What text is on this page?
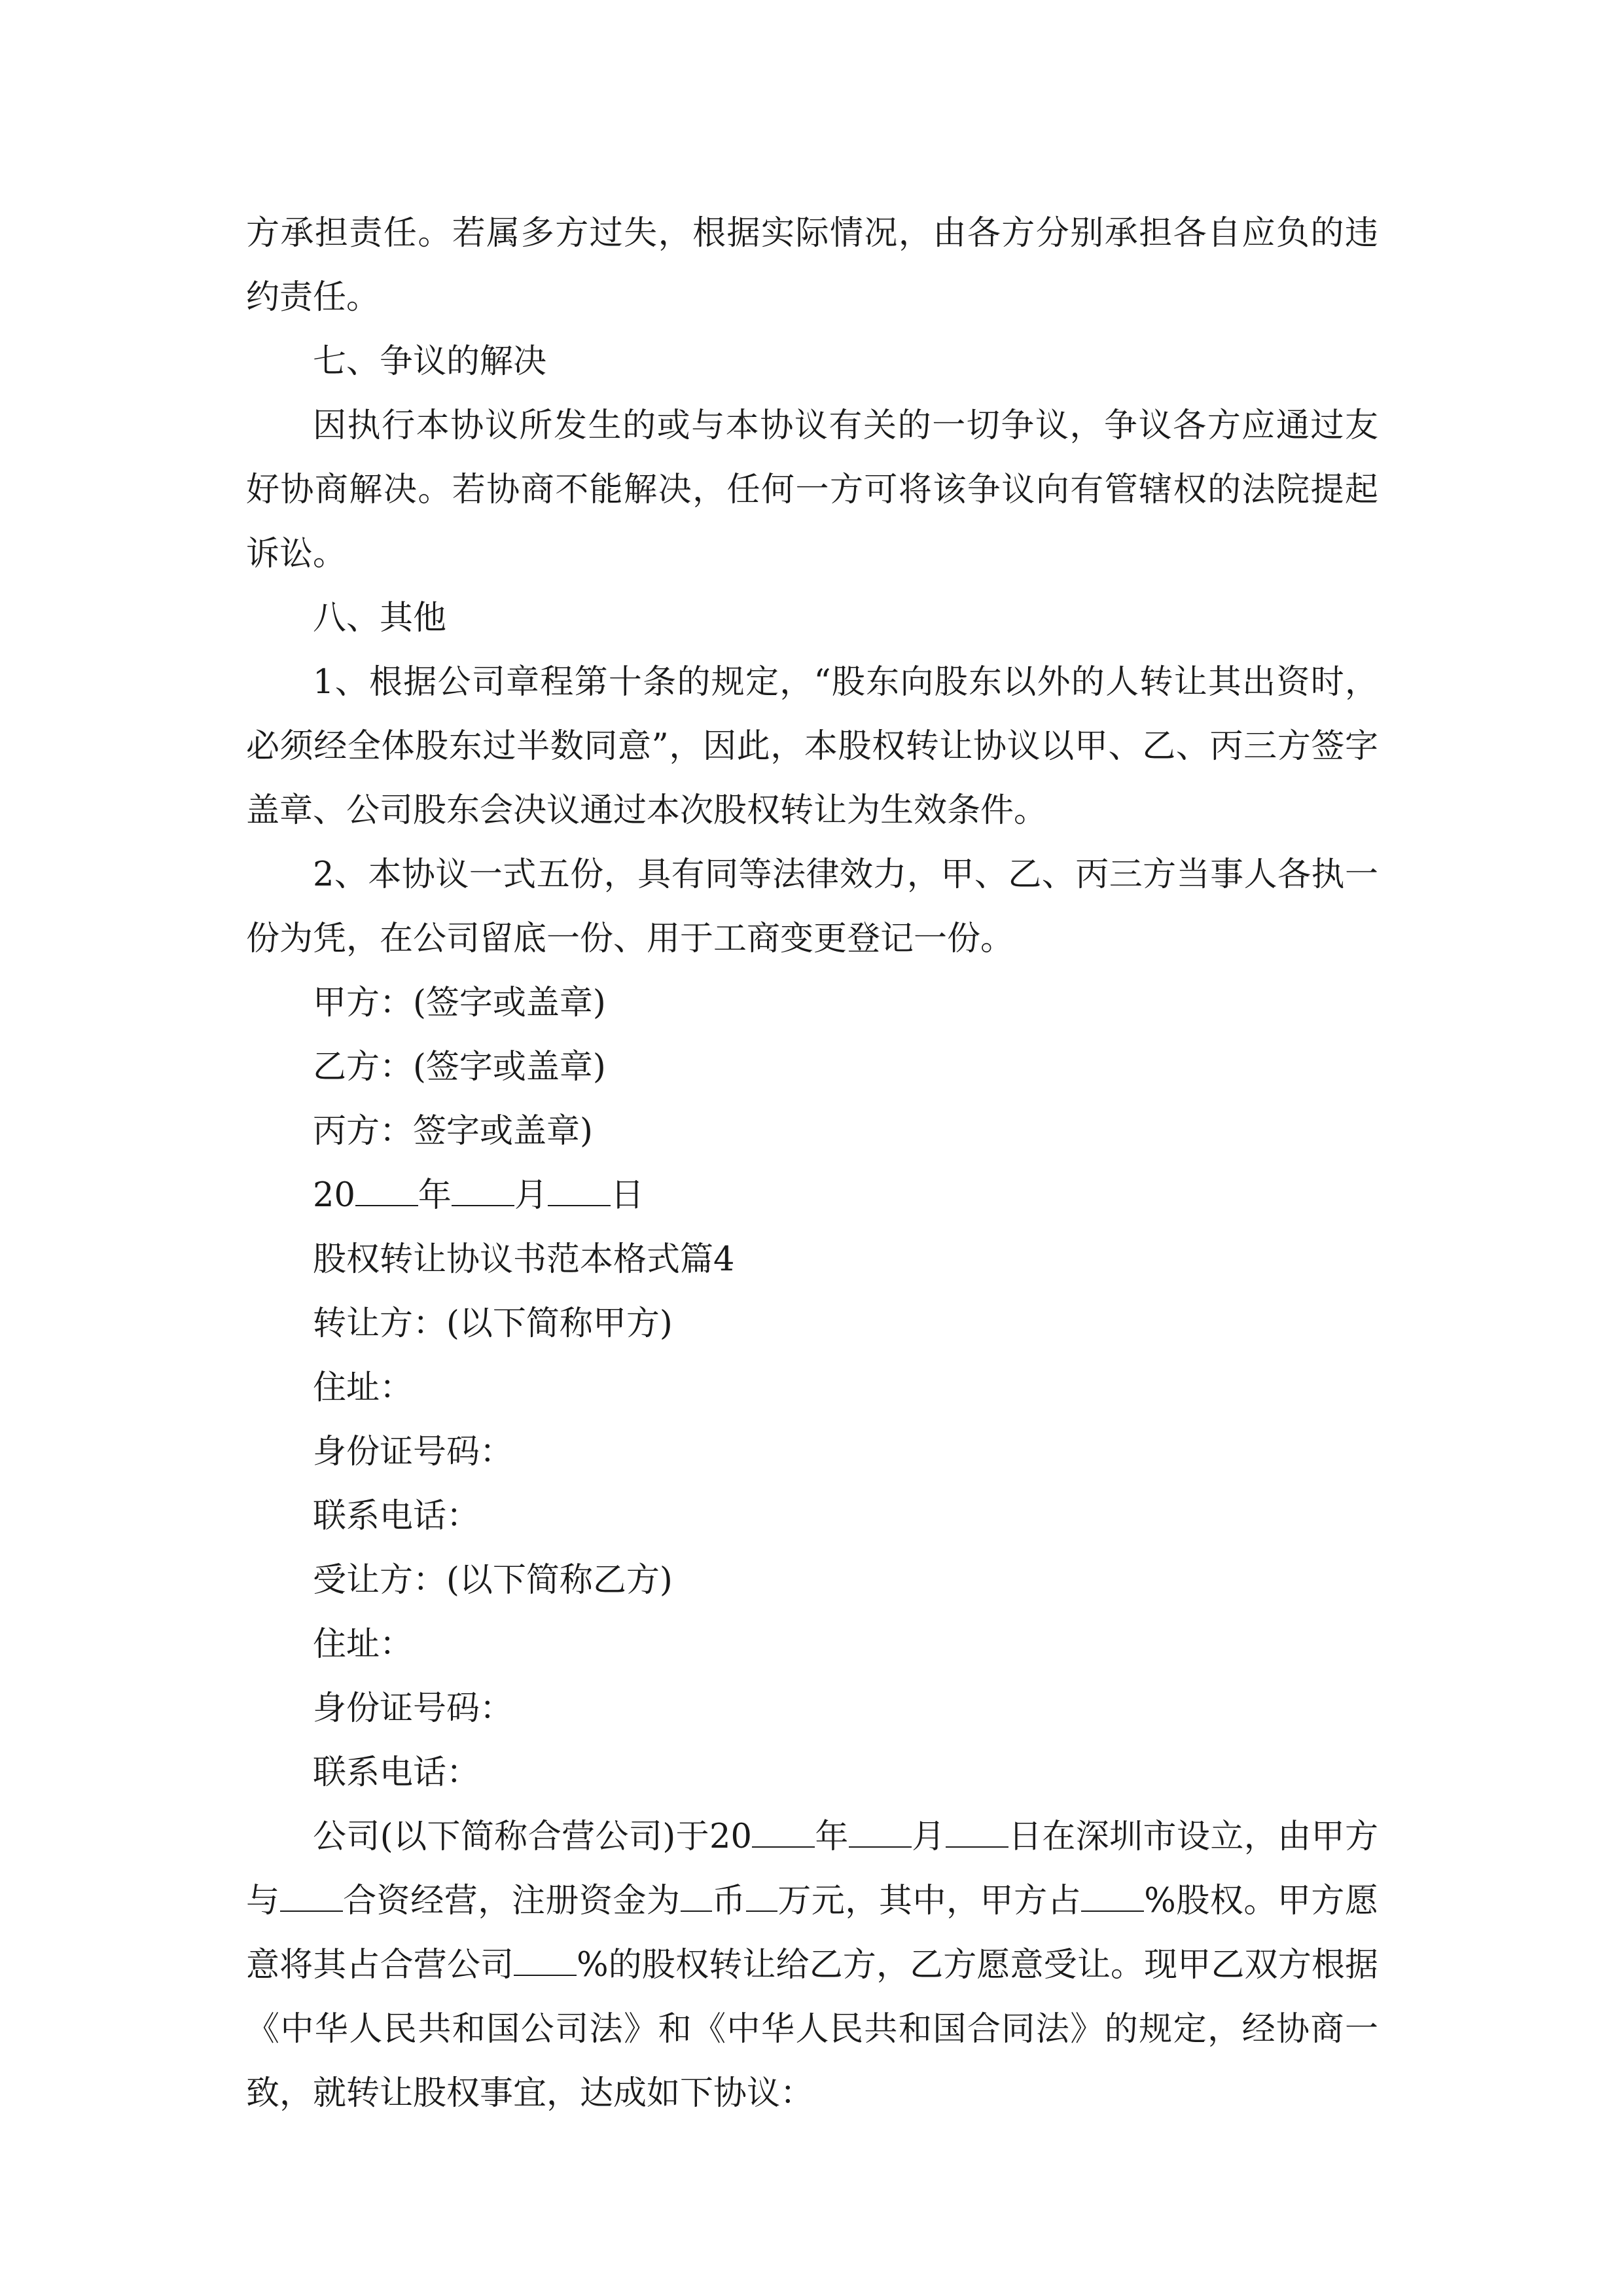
方承担责任。若属多方过失，根据实际情况，由各方分别承担各自应负的违约责任。

七、争议的解决

因执行本协议所发生的或与本协议有关的一切争议，争议各方应通过友好协商解决。若协商不能解决，任何一方可将该争议向有管辖权的法院提起诉讼。

八、其他

1、根据公司章程第十条的规定，“股东向股东以外的人转让其出资时，必须经全体股东过半数同意”，因此，本股权转让协议以甲、乙、丙三方签字盖章、公司股东会决议通过本次股权转让为生效条件。

2、本协议一式五份，具有同等法律效力，甲、乙、丙三方当事人各执一份为凭，在公司留底一份、用于工商变更登记一份。

甲方：(签字或盖章)

乙方：(签字或盖章)

丙方：签字或盖章)

20 年 月 日

股权转让协议书范本格式篇4

转让方：(以下简称甲方)

住址：

身份证号码：

联系电话：

受让方：(以下简称乙方)

住址：

身份证号码：

联系电话：

公司(以下简称合营公司)于20 年 月 日在深圳市设立，由甲方与 合资经营，注册资金为 币 万元，其中，甲方占 %股权。甲方愿意将其占合营公司 %的股权转让给乙方，乙方愿意受让。现甲乙双方根据《中华人民共和国公司法》和《中华人民共和国合同法》的规定，经协商一致，就转让股权事宜，达成如下协议：
